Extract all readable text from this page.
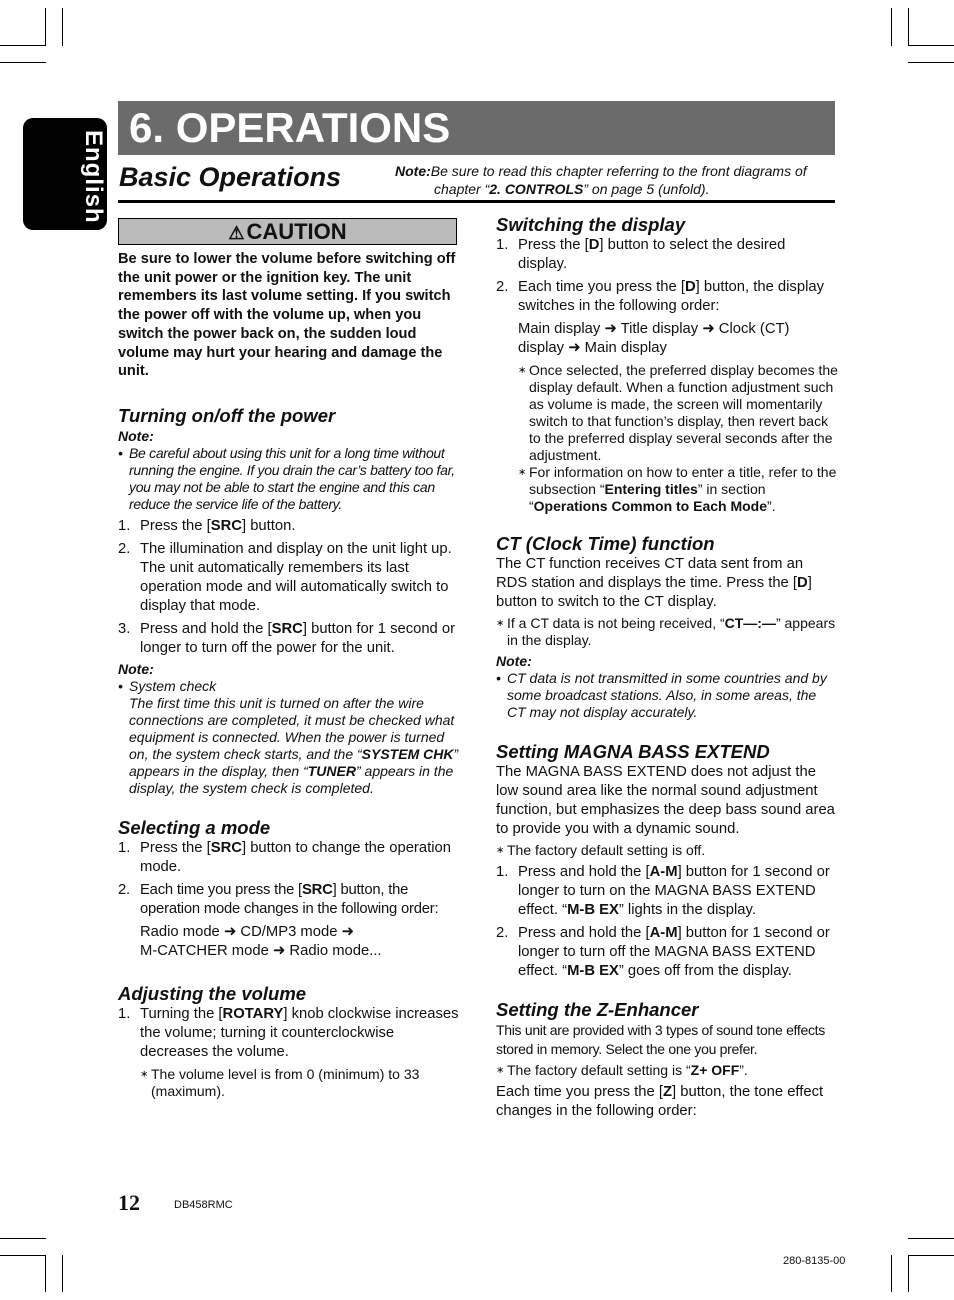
English
6. OPERATIONS
Basic Operations	Note:Be sure to read this chapter referring to the front diagrams of
chapter “2. CONTROLS” on page 5 (unfold).
⚠CAUTION
Be sure to lower the volume before switching off the unit power or the ignition key. The unit remembers its last volume setting. If you switch the power off with the volume up, when you switch the power back on, the sudden loud volume may hurt your hearing and damage the unit.
Turning on/off the power
Note:
• Be careful about using this unit for a long time without running the engine. If you drain the car’s battery too far, you may not be able to start the engine and this can reduce the service life of the battery.
1. Press the [SRC] button.
2. The illumination and display on the unit light up. The unit automatically remembers its last operation mode and will automatically switch to display that mode.
3. Press and hold the [SRC] button for 1 second or longer to turn off the power for the unit.
Note:
• System check
The first time this unit is turned on after the wire connections are completed, it must be checked what equipment is connected. When the power is turned on, the system check starts, and the “SYSTEM CHK” appears in the display, then “TUNER” appears in the display, the system check is completed.
Selecting a mode
1. Press the [SRC] button to change the operation mode.
2. Each time you press the [SRC] button, the operation mode changes in the following order:
Radio mode ➜ CD/MP3 mode ➜
M-CATCHER mode ➜ Radio mode...
Adjusting the volume
1. Turning the [ROTARY] knob clockwise increases the volume; turning it counterclockwise decreases the volume.
∗ The volume level is from 0 (minimum) to 33 (maximum).
Switching the display
1. Press the [D] button to select the desired display.
2. Each time you press the [D] button, the display switches in the following order:
Main display ➜ Title display ➜ Clock (CT)
display ➜ Main display
∗ Once selected, the preferred display becomes the display default. When a function adjustment such as volume is made, the screen will momentarily switch to that function’s display, then revert back to the preferred display several seconds after the adjustment.
∗ For information on how to enter a title, refer to the subsection “Entering titles” in section “Operations Common to Each Mode”.
CT (Clock Time) function
The CT function receives CT data sent from an RDS station and displays the time. Press the [D] button to switch to the CT display.
∗ If a CT data is not being received, “CT—:—” appears in the display.
Note:
• CT data is not transmitted in some countries and by some broadcast stations. Also, in some areas, the CT may not display accurately.
Setting MAGNA BASS EXTEND
The MAGNA BASS EXTEND does not adjust the low sound area like the normal sound adjustment function, but emphasizes the deep bass sound area to provide you with a dynamic sound.
∗ The factory default setting is off.
1. Press and hold the [A-M] button for 1 second or longer to turn on the MAGNA BASS EXTEND effect. “M-B EX” lights in the display.
2. Press and hold the [A-M] button for 1 second or longer to turn off the MAGNA BASS EXTEND effect. “M-B EX” goes off from the display.
Setting the Z-Enhancer
This unit are provided with 3 types of sound tone effects stored in memory. Select the one you prefer.
∗ The factory default setting is “Z+ OFF”.
Each time you press the [Z] button, the tone effect changes in the following order:
12	DB458RMC
280-8135-00
